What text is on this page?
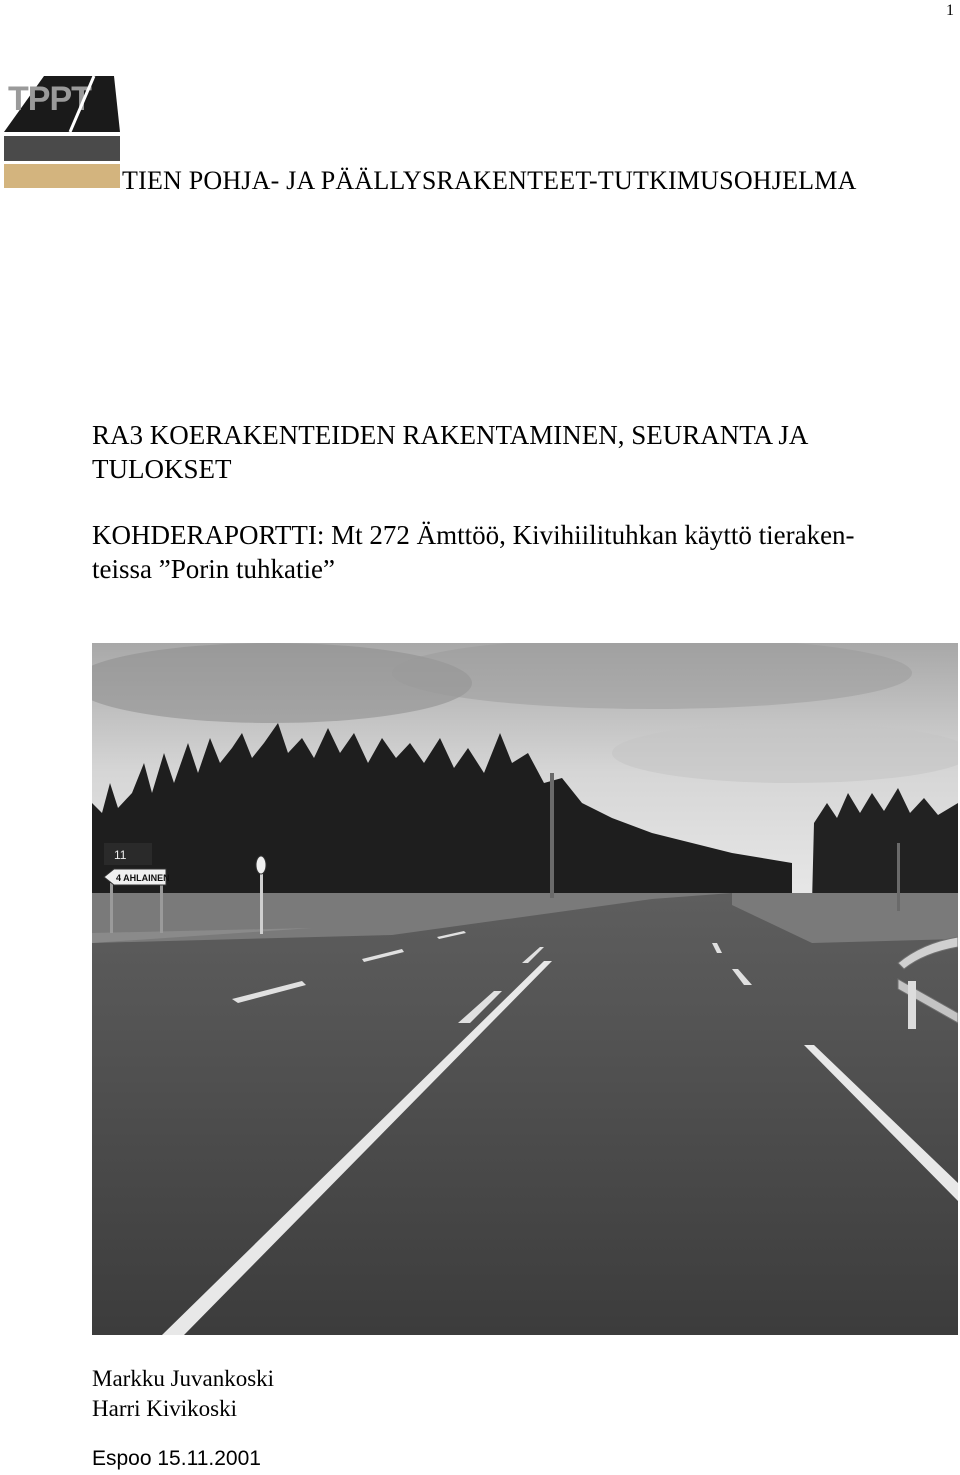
1
TPPT
TIEN POHJA- JA PÄÄLLYSRAKENTEET-TUTKIMUSOHJELMA
RA3 KOERAKENTEIDEN RAKENTAMINEN, SEURANTA JA
TULOKSET
KOHDERAPORTTI: Mt 272 Ämttöö, Kivihiilituhkan käyttö tieraken-
teissa ”Porin tuhkatie”
11
4 AHLAINEN
Markku Juvankoski
Harri Kivikoski
Espoo 15.11.2001
